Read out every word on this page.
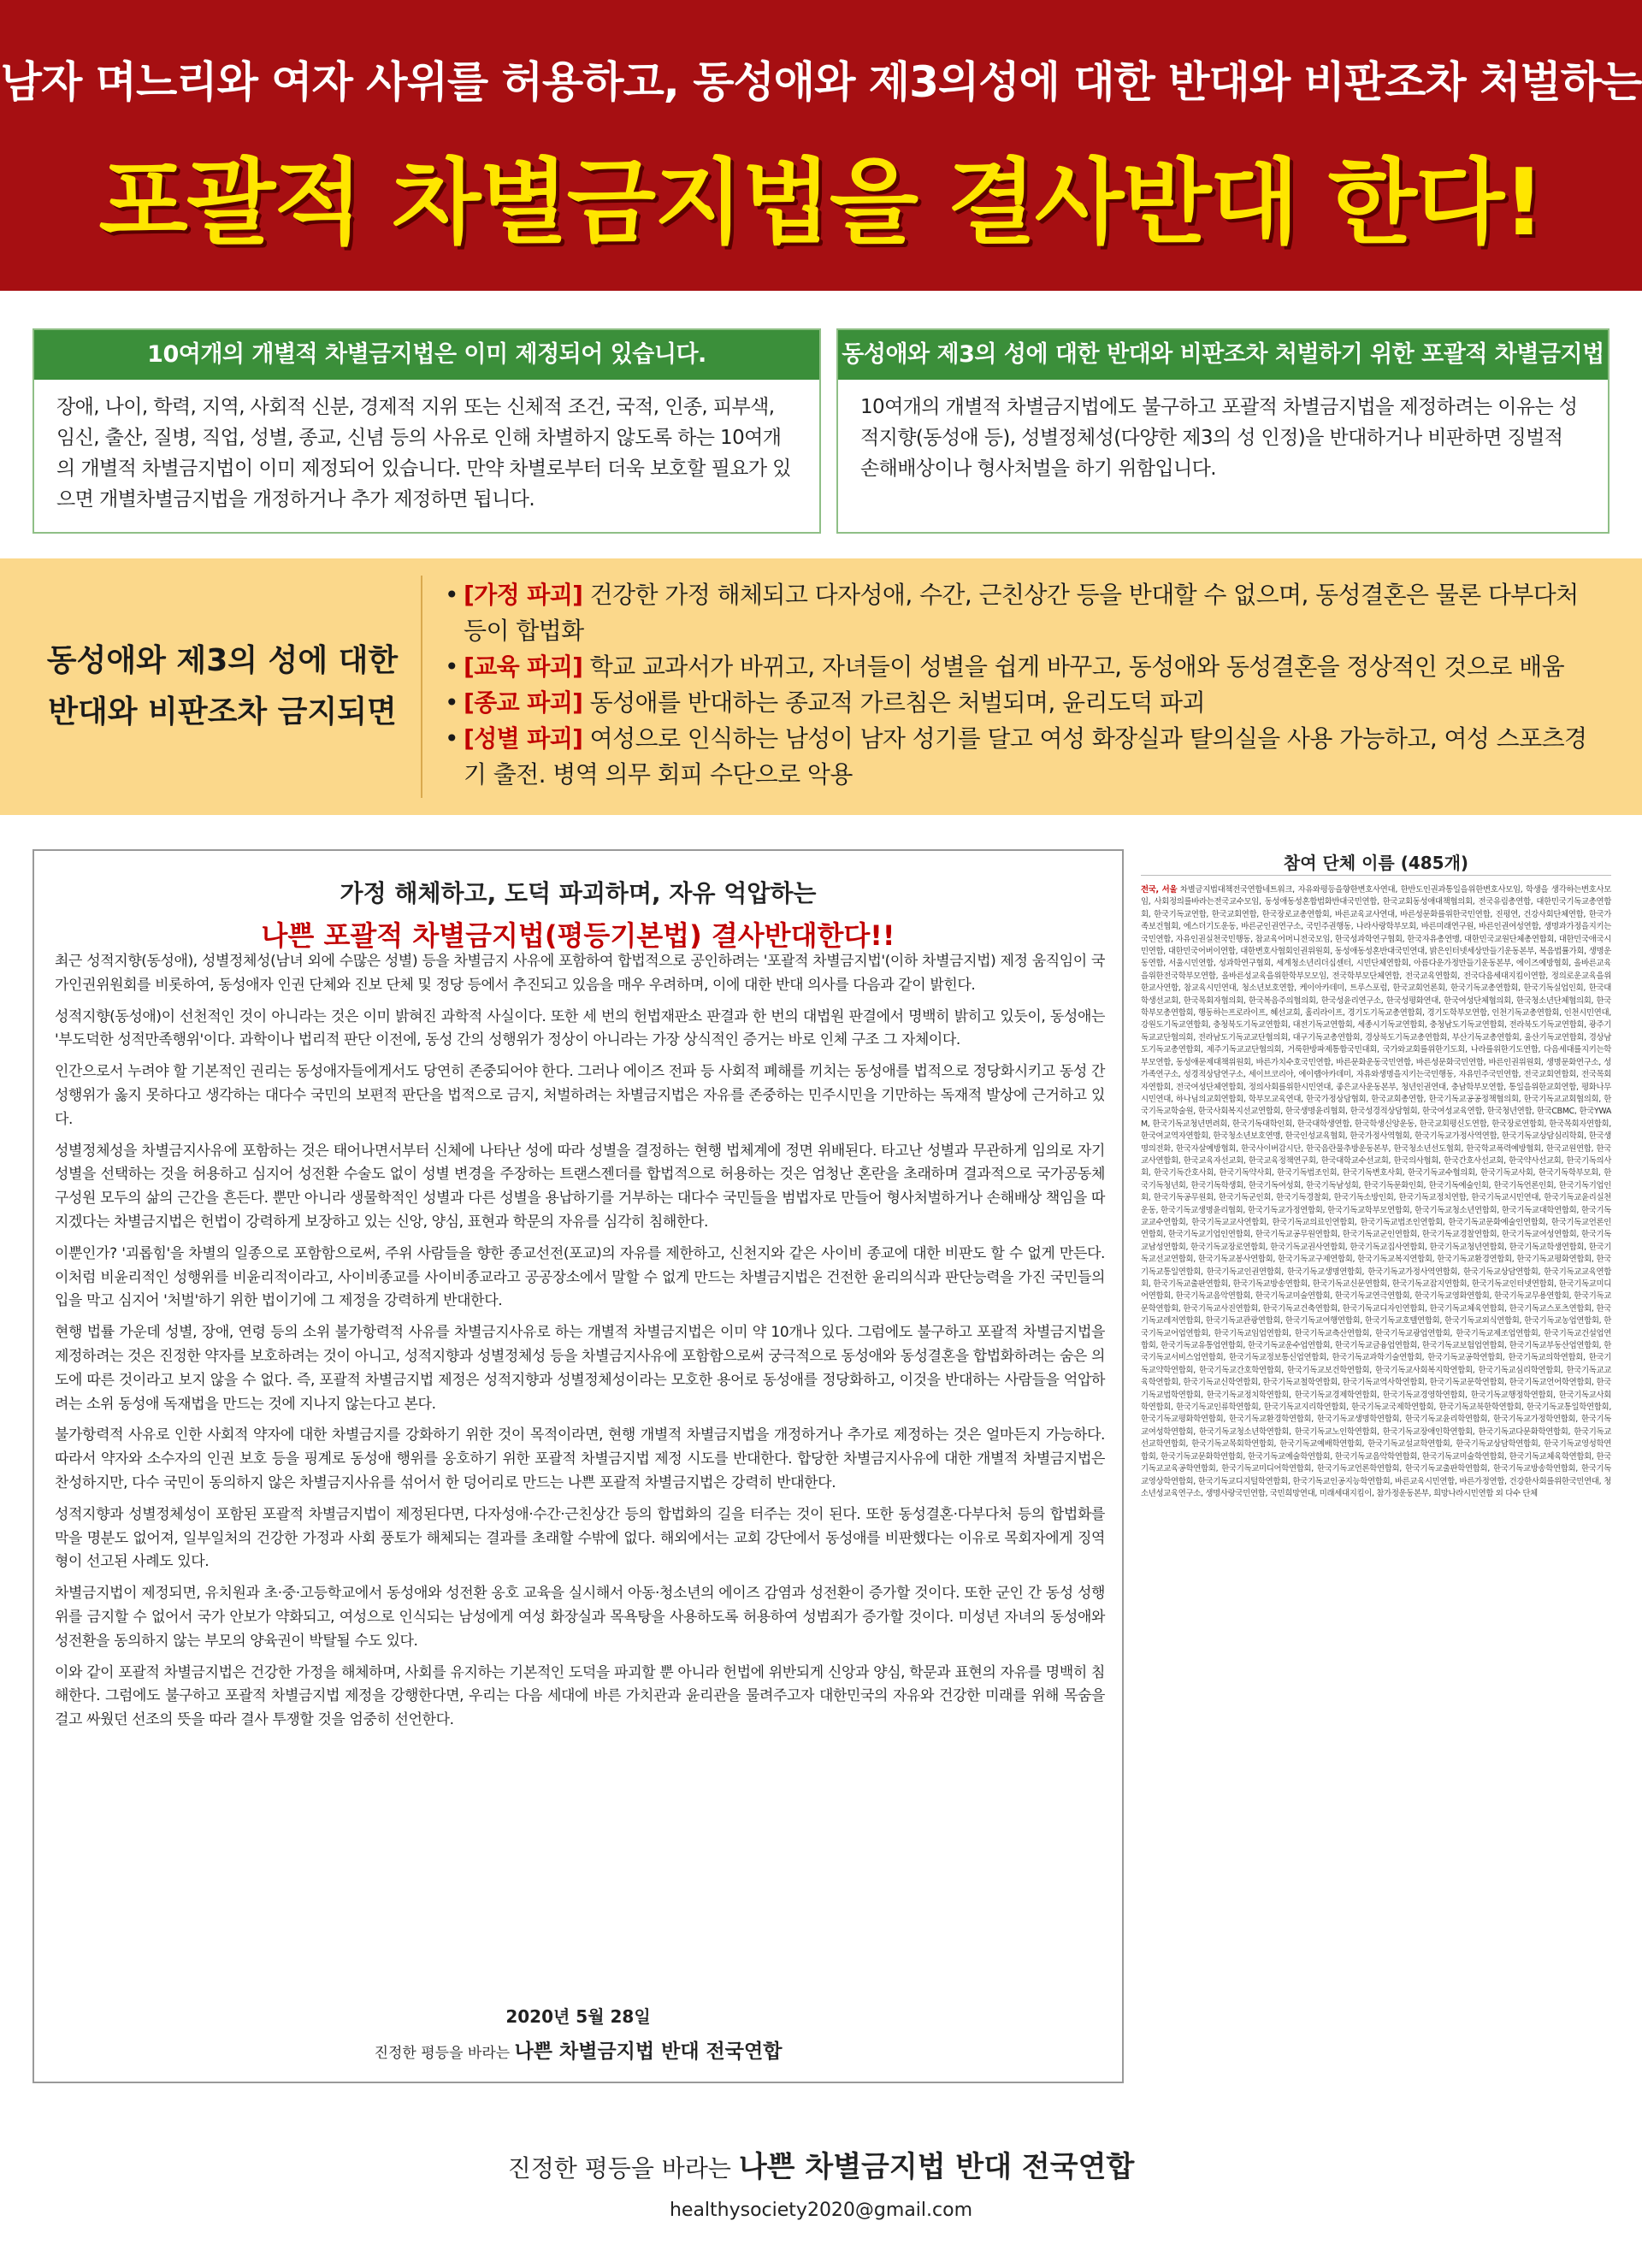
남자 며느리와 여자 사위를 허용하고, 동성애와 제3의성에 대한 반대와 비판조차 처벌하는
포괄적 차별금지법을 결사반대 한다!
10여개의 개별적 차별금지법은 이미 제정되어 있습니다.
장애, 나이, 학력, 지역, 사회적 신분, 경제적 지위 또는 신체적 조건, 국적, 인종, 피부색, 임신, 출산, 질병, 직업, 성별, 종교, 신념 등의 사유로 인해 차별하지 않도록 하는 10여개의 개별적 차별금지법이 이미 제정되어 있습니다. 만약 차별로부터 더욱 보호할 필요가 있으면 개별차별금지법을 개정하거나 추가 제정하면 됩니다.
동성애와 제3의 성에 대한 반대와 비판조차 처벌하기 위한 포괄적 차별금지법
10여개의 개별적 차별금지법에도 불구하고 포괄적 차별금지법을 제정하려는 이유는 성적지향(동성애 등), 성별정체성(다양한 제3의 성 인정)을 반대하거나 비판하면 징벌적 손해배상이나 형사처벌을 하기 위함입니다.
동성애와 제3의 성에 대한
반대와 비판조차 금지되면
• [가정 파괴] 건강한 가정 해체되고 다자성애, 수간, 근친상간 등을 반대할 수 없으며, 동성결혼은 물론 다부다처 등이 합법화
• [교육 파괴] 학교 교과서가 바뀌고, 자녀들이 성별을 쉽게 바꾸고, 동성애와 동성결혼을 정상적인 것으로 배움
• [종교 파괴] 동성애를 반대하는 종교적 가르침은 처벌되며, 윤리도덕 파괴
• [성별 파괴] 여성으로 인식하는 남성이 남자 성기를 달고 여성 화장실과 탈의실을 사용 가능하고, 여성 스포츠경기 출전. 병역 의무 회피 수단으로 악용
가정 해체하고, 도덕 파괴하며, 자유 억압하는
나쁜 포괄적 차별금지법(평등기본법) 결사반대한다!!

최근 성적지향(동성애), 성별정체성(남녀 외에 수많은 성별) 등을 차별금지 사유에 포함하여 합법적으로 공인하려는 '포괄적 차별금지법'(이하 차별금지법) 제정 움직임이 국가인권위원회를 비롯하여, 동성애자 인권 단체와 진보 단체 및 정당 등에서 추진되고 있음을 매우 우려하며, 이에 대한 반대 의사를 다음과 같이 밝힌다.

성적지향(동성애)이 선천적인 것이 아니라는 것은 이미 밝혀진 과학적 사실이다. 또한 세 번의 헌법재판소 판결과 한 번의 대법원 판결에서 명백히 밝히고 있듯이, 동성애는 '부도덕한 성적만족행위'이다. 과학이나 법리적 판단 이전에, 동성 간의 성행위가 정상이 아니라는 가장 상식적인 증거는 바로 인체 구조 그 자체이다.

인간으로서 누려야 할 기본적인 권리는 동성애자들에게서도 당연히 존중되어야 한다. 그러나 에이즈 전파 등 사회적 폐해를 끼치는 동성애를 법적으로 정당화시키고 동성 간 성행위가 옳지 못하다고 생각하는 대다수 국민의 보편적 판단을 법적으로 금지, 처벌하려는 차별금지법은 자유를 존중하는 민주시민을 기만하는 독재적 발상에 근거하고 있다.

성별정체성을 차별금지사유에 포함하는 것은 태어나면서부터 신체에 나타난 성에 따라 성별을 결정하는 현행 법체계에 정면 위배된다. 타고난 성별과 무관하게 임의로 자기 성별을 선택하는 것을 허용하고 심지어 성전환 수술도 없이 성별 변경을 주장하는 트랜스젠더를 합법적으로 허용하는 것은 엄청난 혼란을 초래하며 결과적으로 국가공동체 구성원 모두의 삶의 근간을 흔든다. 뿐만 아니라 생물학적인 성별과 다른 성별을 용납하기를 거부하는 대다수 국민들을 범법자로 만들어 형사처벌하거나 손해배상 책임을 따지겠다는 차별금지법은 헌법이 강력하게 보장하고 있는 신앙, 양심, 표현과 학문의 자유를 심각히 침해한다.

이뿐인가? '괴롭힘'을 차별의 일종으로 포함함으로써, 주위 사람들을 향한 종교선전(포교)의 자유를 제한하고, 신천지와 같은 사이비 종교에 대한 비판도 할 수 없게 만든다. 이처럼 비윤리적인 성행위를 비윤리적이라고, 사이비종교를 사이비종교라고 공공장소에서 말할 수 없게 만드는 차별금지법은 건전한 윤리의식과 판단능력을 가진 국민들의 입을 막고 심지어 '처벌'하기 위한 법이기에 그 제정을 강력하게 반대한다.

현행 법률 가운데 성별, 장애, 연령 등의 소위 불가항력적 사유를 차별금지사유로 하는 개별적 차별금지법은 이미 약 10개나 있다. 그럼에도 불구하고 포괄적 차별금지법을 제정하려는 것은 진정한 약자를 보호하려는 것이 아니고, 성적지향과 성별정체성 등을 차별금지사유에 포함함으로써 궁극적으로 동성애와 동성결혼을 합법화하려는 숨은 의도에 따른 것이라고 보지 않을 수 없다. 즉, 포괄적 차별금지법 제정은 성적지향과 성별정체성이라는 모호한 용어로 동성애를 정당화하고, 이것을 반대하는 사람들을 억압하려는 소위 동성애 독재법을 만드는 것에 지나지 않는다고 본다.

불가항력적 사유로 인한 사회적 약자에 대한 차별금지를 강화하기 위한 것이 목적이라면, 현행 개별적 차별금지법을 개정하거나 추가로 제정하는 것은 얼마든지 가능하다. 따라서 약자와 소수자의 인권 보호 등을 핑계로 동성애 행위를 옹호하기 위한 포괄적 차별금지법 제정 시도를 반대한다. 합당한 차별금지사유에 대한 개별적 차별금지법은 찬성하지만, 다수 국민이 동의하지 않은 차별금지사유를 섞어서 한 덩어리로 만드는 나쁜 포괄적 차별금지법은 강력히 반대한다.

성적지향과 성별정체성이 포함된 포괄적 차별금지법이 제정된다면, 다자성애·수간·근친상간 등의 합법화의 길을 터주는 것이 된다. 또한 동성결혼·다부다처 등의 합법화를 막을 명분도 없어져, 일부일처의 건강한 가정과 사회 풍토가 해체되는 결과를 초래할 수밖에 없다. 해외에서는 교회 강단에서 동성애를 비판했다는 이유로 목회자에게 징역형이 선고된 사례도 있다.

차별금지법이 제정되면, 유치원과 초·중·고등학교에서 동성애와 성전환 옹호 교육을 실시해서 아동·청소년의 에이즈 감염과 성전환이 증가할 것이다. 또한 군인 간 동성 성행위를 금지할 수 없어서 국가 안보가 약화되고, 여성으로 인식되는 남성에게 여성 화장실과 목욕탕을 사용하도록 허용하여 성범죄가 증가할 것이다. 미성년 자녀의 동성애와 성전환을 동의하지 않는 부모의 양육권이 박탈될 수도 있다.

이와 같이 포괄적 차별금지법은 건강한 가정을 해체하며, 사회를 유지하는 기본적인 도덕을 파괴할 뿐 아니라 헌법에 위반되게 신앙과 양심, 학문과 표현의 자유를 명백히 침해한다. 그럼에도 불구하고 포괄적 차별금지법 제정을 강행한다면, 우리는 다음 세대에 바른 가치관과 윤리관을 물려주고자 대한민국의 자유와 건강한 미래를 위해 목숨을 걸고 싸웠던 선조의 뜻을 따라 결사 투쟁할 것을 엄중히 선언한다.

2020년 5월 28일
진정한 평등을 바라는 나쁜 차별금지법 반대 전국연합
참여 단체 이름 (485개)
전국, 서울 차별금지법대책전국연합네트워크, 자유와평등을향한변호사연대, 한반도인권과통일을위한변호사모임, 학생을 생각하는변호사모임, 사회정의를바라는전국교수모임, 동성애동성혼합법화반대국민연합, 한국교회동성애대책협의회, 전국유림총연합, 대한민국기독교총연합회, 한국기독교연합, 한국교회연합, 한국장로교총연합회, 바른교육교사연대, 바른성문화를위한국민연합, 진평연, 건강사회단체연합, 한국가족보건협회, 에스더기도운동, 바른군인권연구소, 국민주권행동, 나라사랑학부모회, 바른미래연구원, 바른인권여성연합, 생명과가정을지키는국민연합, 자유인권실천국민행동, 참교육어머니전국모임, 한국성과학연구협회, 한국자유총연맹, 대한민국교원단체총연합회, 대한민국애국시민연합, 대한민국어버이연합, 대한변호사협회인권위원회, 동성애동성혼반대국민연대, 밝은인터넷세상만들기운동본부, 복음법률가회, 생명운동연합, 서울시민연합, 성과학연구협회, 세계청소년리더십센터, 시민단체연합회, 아름다운가정만들기운동본부, 에이즈예방협회, 올바른교육을위한전국학부모연합, 올바른성교육을위한학부모모임, 전국학부모단체연합, 전국교육연합회, 전국다음세대지킴이연합, 정의로운교육을위한교사연합, 참교육시민연대, 청소년보호연합, 케이아카데미, 트루스포럼, 한국교회언론회, 한국기독교총연합회, 한국기독실업인회, 한국대학생선교회, 한국목회자협의회, 한국복음주의협의회, 한국성윤리연구소, 한국성평화연대, 한국여성단체협의회, 한국청소년단체협의회, 한국학부모총연합회, 행동하는프로라이프, 혜선교회, 홀리라이프, 경기도기독교총연합회, 경기도학부모연합, 인천기독교총연합회, 인천시민연대, 강원도기독교연합회, 충청북도기독교연합회, 대전기독교연합회, 세종시기독교연합회, 충청남도기독교연합회, 전라북도기독교연합회, 광주기독교교단협의회, 전라남도기독교교단협의회, 대구기독교총연합회, 경상북도기독교총연합회, 부산기독교총연합회, 울산기독교연합회, 경상남도기독교총연합회, 제주기독교교단협의회, 거룩한방파제통합국민대회, 국가와교회를위한기도회, 나라를위한기도연합, 다음세대를지키는학부모연합, 동성애문제대책위원회, 바른가치수호국민연합, 바른문화운동국민연합, 바른성문화국민연합, 바른인권위원회, 생명문화연구소, 성가족연구소, 성경적상담연구소, 세이브코리아, 에이랩아카데미, 자유와생명을지키는국민행동, 자유민주국민연합, 전국교회연합회, 전국목회자연합회, 전국여성단체연합회, 정의사회를위한시민연대, 좋은교사운동본부, 청년인권연대, 충남학부모연합, 통일을위한교회연합, 평화나무시민연대, 하나님의교회연합회, 학부모교육연대, 한국가정상담협회, 한국교회총연합, 한국기독교공공정책협의회, 한국기독교교회협의회, 한국기독교학술원, 한국사회복지선교연합회, 한국생명윤리협회, 한국성경적상담협회, 한국여성교육연합, 한국청년연합, 한국CBMC, 한국YWAM, 한국기독교청년면려회, 한국기독대학인회, 한국대학생연합, 한국학생신앙운동, 한국교회평신도연합, 한국장로연합회, 한국목회자연합회, 한국여교역자연합회, 한국청소년보호연맹, 한국인성교육협회, 한국가정사역협회, 한국기독교가정사역연합, 한국기독교상담심리학회, 한국생명의전화, 한국자살예방협회, 한국사이버감시단, 한국음란물추방운동본부, 한국청소년선도협회, 한국학교폭력예방협회, 한국교원연합, 한국교사연합회, 한국교육자선교회, 한국교육정책연구회, 한국대학교수선교회, 한국의사협회, 한국간호사선교회, 한국약사선교회, 한국기독의사회, 한국기독간호사회, 한국기독약사회, 한국기독법조인회, 한국기독변호사회, 한국기독교수협의회, 한국기독교사회, 한국기독학부모회, 한국기독청년회, 한국기독학생회, 한국기독여성회, 한국기독남성회, 한국기독문화인회, 한국기독예술인회, 한국기독언론인회, 한국기독기업인회, 한국기독공무원회, 한국기독군인회, 한국기독경찰회, 한국기독소방인회, 한국기독교정치연합, 한국기독교시민연대, 한국기독교윤리실천운동, 한국기독교생명윤리협회, 한국기독교가정연합회, 한국기독교학부모연합회, 한국기독교청소년연합회, 한국기독교대학연합회, 한국기독교교수연합회, 한국기독교교사연합회, 한국기독교의료인연합회, 한국기독교법조인연합회, 한국기독교문화예술인연합회, 한국기독교언론인연합회, 한국기독교기업인연합회, 한국기독교공무원연합회, 한국기독교군인연합회, 한국기독교경찰연합회, 한국기독교여성연합회, 한국기독교남성연합회, 한국기독교장로연합회, 한국기독교권사연합회, 한국기독교집사연합회, 한국기독교청년연합회, 한국기독교학생연합회, 한국기독교선교연합회, 한국기독교봉사연합회, 한국기독교구제연합회, 한국기독교복지연합회, 한국기독교환경연합회, 한국기독교평화연합회, 한국기독교통일연합회, 한국기독교인권연합회, 한국기독교생명연합회, 한국기독교가정사역연합회, 한국기독교상담연합회, 한국기독교교육연합회, 한국기독교출판연합회, 한국기독교방송연합회, 한국기독교신문연합회, 한국기독교잡지연합회, 한국기독교인터넷연합회, 한국기독교미디어연합회, 한국기독교음악연합회, 한국기독교미술연합회, 한국기독교연극연합회, 한국기독교영화연합회, 한국기독교무용연합회, 한국기독교문학연합회, 한국기독교사진연합회, 한국기독교건축연합회, 한국기독교디자인연합회, 한국기독교체육연합회, 한국기독교스포츠연합회, 한국기독교레저연합회, 한국기독교관광연합회, 한국기독교여행연합회, 한국기독교호텔연합회, 한국기독교외식연합회, 한국기독교농업연합회, 한국기독교어업연합회, 한국기독교임업연합회, 한국기독교축산연합회, 한국기독교광업연합회, 한국기독교제조업연합회, 한국기독교건설업연합회, 한국기독교유통업연합회, 한국기독교운수업연합회, 한국기독교금융업연합회, 한국기독교보험업연합회, 한국기독교부동산업연합회, 한국기독교서비스업연합회, 한국기독교정보통신업연합회, 한국기독교과학기술연합회, 한국기독교공학연합회, 한국기독교의학연합회, 한국기독교약학연합회, 한국기독교간호학연합회, 한국기독교보건학연합회, 한국기독교사회복지학연합회, 한국기독교심리학연합회, 한국기독교교육학연합회, 한국기독교신학연합회, 한국기독교철학연합회, 한국기독교역사학연합회, 한국기독교문학연합회, 한국기독교언어학연합회, 한국기독교법학연합회, 한국기독교정치학연합회, 한국기독교경제학연합회, 한국기독교경영학연합회, 한국기독교행정학연합회, 한국기독교사회학연합회, 한국기독교인류학연합회, 한국기독교지리학연합회, 한국기독교국제학연합회, 한국기독교북한학연합회, 한국기독교통일학연합회, 한국기독교평화학연합회, 한국기독교환경학연합회, 한국기독교생명학연합회, 한국기독교윤리학연합회, 한국기독교가정학연합회, 한국기독교여성학연합회, 한국기독교청소년학연합회, 한국기독교노인학연합회, 한국기독교장애인학연합회, 한국기독교다문화학연합회, 한국기독교선교학연합회, 한국기독교목회학연합회, 한국기독교예배학연합회, 한국기독교설교학연합회, 한국기독교상담학연합회, 한국기독교영성학연합회, 한국기독교문화학연합회, 한국기독교예술학연합회, 한국기독교음악학연합회, 한국기독교미술학연합회, 한국기독교체육학연합회, 한국기독교교육공학연합회, 한국기독교미디어학연합회, 한국기독교언론학연합회, 한국기독교출판학연합회, 한국기독교방송학연합회, 한국기독교영상학연합회, 한국기독교디지털학연합회, 한국기독교인공지능학연합회, 바른교육시민연합, 바른가정연합, 건강한사회를위한국민연대, 청소년성교육연구소, 생명사랑국민연합, 국민희망연대, 미래세대지킴이, 참가정운동본부, 희망나라시민연합 외 다수 단체
진정한 평등을 바라는 나쁜 차별금지법 반대 전국연합
healthysociety2020@gmail.com
